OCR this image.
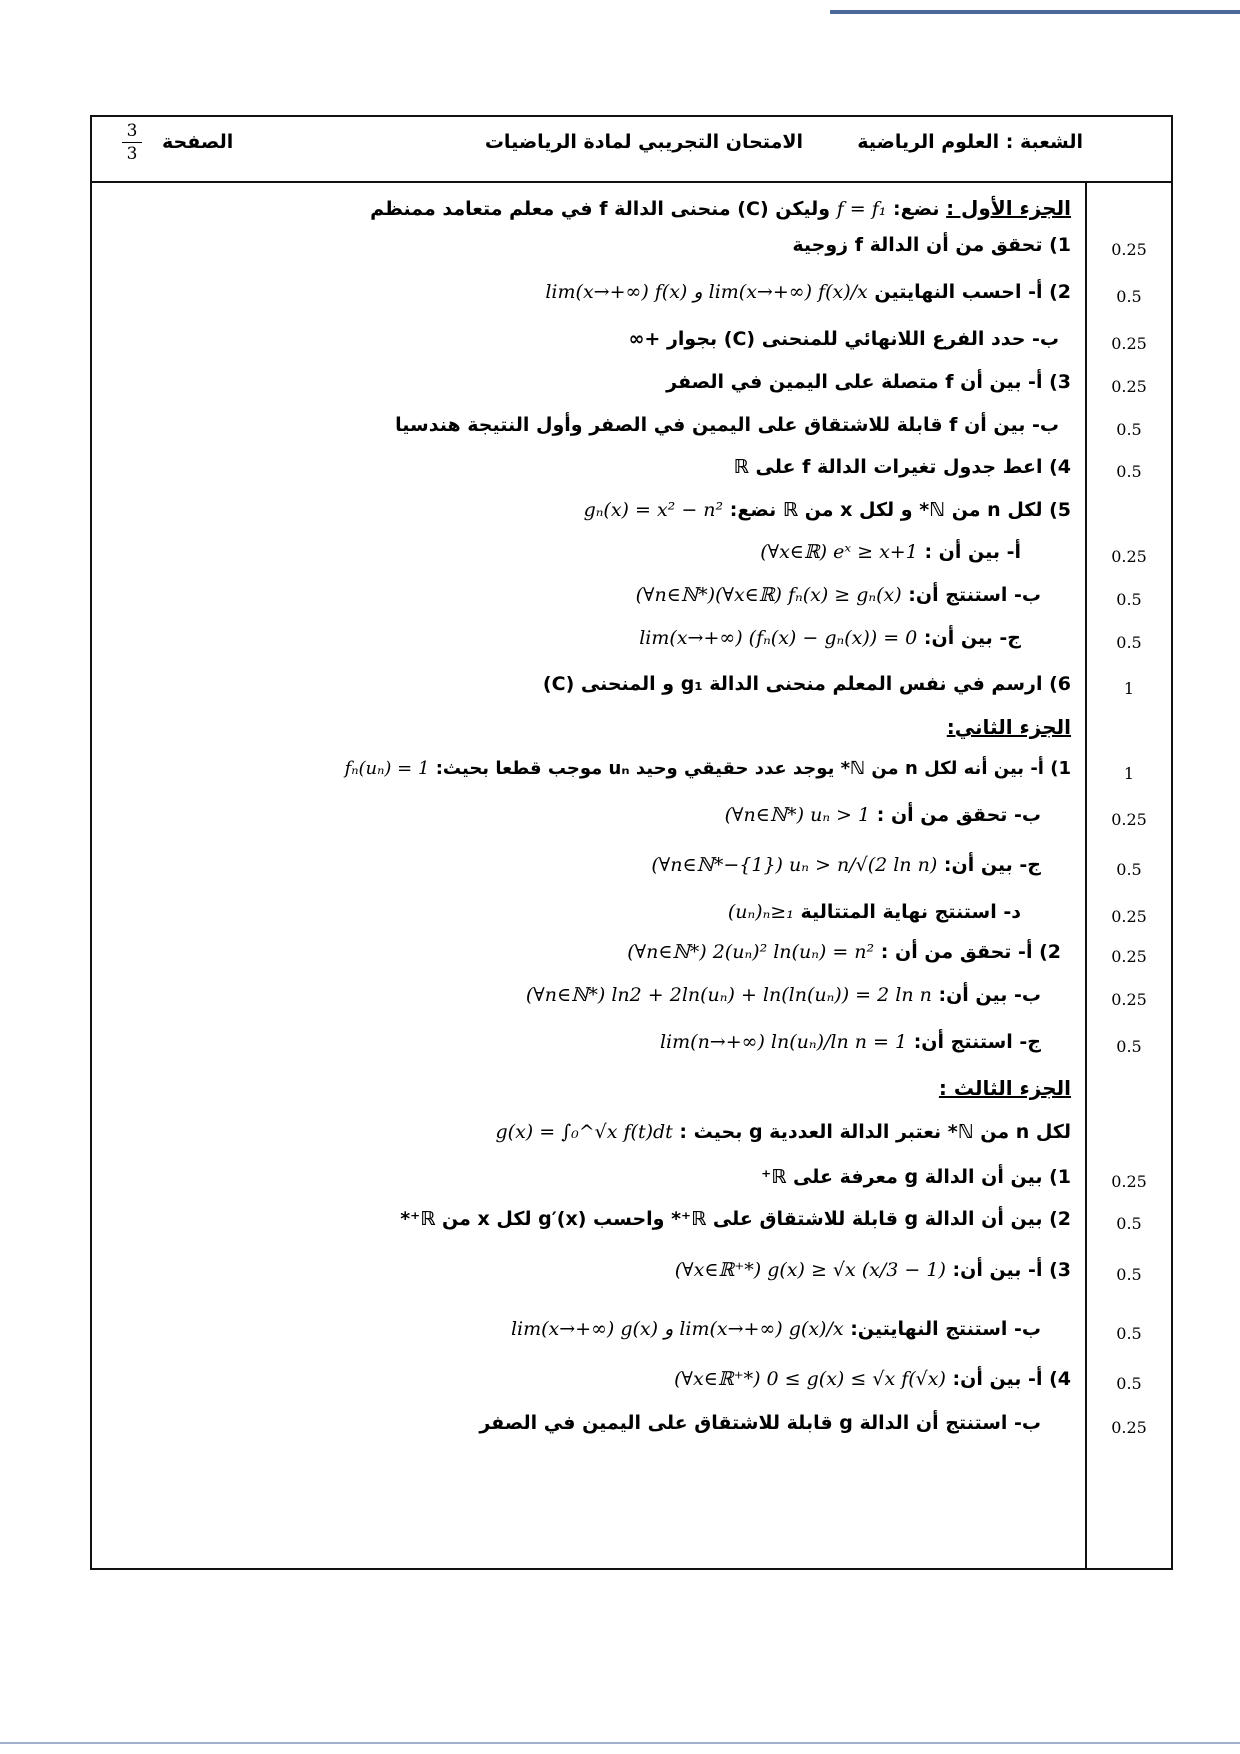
الشعبة : العلوم الرياضية
الامتحان التجريبي لمادة الرياضيات
الصفحة
3
3
الجزء الأول : نضع: f = f₁ وليكن (C) منحنى الدالة f في معلم متعامد ممنظم
1) تحقق من أن الدالة f زوجية	0.25
2) أ- احسب النهايتين lim(x→+∞) f(x) و lim(x→+∞) f(x)/x	0.5
ب- حدد الفرع اللانهائي للمنحنى (C) بجوار +∞	0.25
3) أ- بين أن f متصلة على اليمين في الصفر	0.25
ب- بين أن f قابلة للاشتقاق على اليمين في الصفر وأول النتيجة هندسيا	0.5
4) اعط جدول تغيرات الدالة f على ℝ	0.5
5) لكل n من ℕ* و لكل x من ℝ نضع: gₙ(x) = x² − n²
أ- بين أن : (∀x∈ℝ) eˣ ≥ x+1	0.25
ب- استنتج أن: (∀n∈ℕ*)(∀x∈ℝ) fₙ(x) ≥ gₙ(x)	0.5
ج- بين أن: lim(x→+∞) (fₙ(x) − gₙ(x)) = 0	0.5
6) ارسم في نفس المعلم منحنى الدالة g₁ و المنحنى (C)	1
الجزء الثاني:
1) أ- بين أنه لكل n من ℕ* يوجد عدد حقيقي وحيد uₙ موجب قطعا بحيث: fₙ(uₙ) = 1	1
ب- تحقق من أن : (∀n∈ℕ*) uₙ > 1	0.25
ج- بين أن: (∀n∈ℕ*−{1}) uₙ > n/√(2 ln n)	0.5
د- استنتج نهاية المتتالية (uₙ)ₙ≥₁	0.25
2) أ- تحقق من أن : (∀n∈ℕ*) 2(uₙ)² ln(uₙ) = n²	0.25
ب- بين أن: (∀n∈ℕ*) ln2 + 2ln(uₙ) + ln(ln(uₙ)) = 2 ln n	0.25
ج- استنتج أن: lim(n→+∞) ln(uₙ)/ln n = 1	0.5
الجزء الثالث :
لكل n من ℕ* نعتبر الدالة العددية g بحيث : g(x) = ∫₀^√x f(t)dt
1) بين أن الدالة g معرفة على ℝ⁺	0.25
2) بين أن الدالة g قابلة للاشتقاق على ℝ⁺* واحسب g′(x) لكل x من ℝ⁺*	0.5
3) أ- بين أن: (∀x∈ℝ⁺*) g(x) ≥ √x (x/3 − 1)	0.5
ب- استنتج النهايتين: lim(x→+∞) g(x) و lim(x→+∞) g(x)/x	0.5
4) أ- بين أن: (∀x∈ℝ⁺*) 0 ≤ g(x) ≤ √x f(√x)	0.5
ب- استنتج أن الدالة g قابلة للاشتقاق على اليمين في الصفر	0.25
